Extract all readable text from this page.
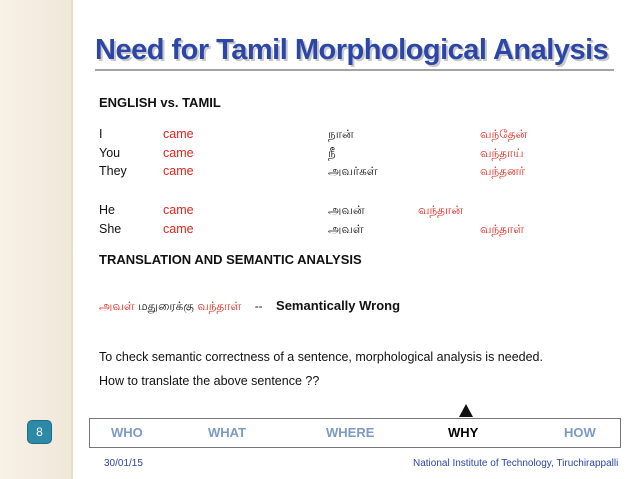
Need for Tamil Morphological Analysis
ENGLISH vs. TAMIL
I	came	நான்	வந்தேன்
You	came	நீ	வந்தாய்
They	came	அவர்கள்	வந்தனர்
He	came	அவன்	வந்தான்
She	came	அவள்	வந்தாள்
TRANSLATION AND SEMANTIC ANALYSIS
அவள் மதுரைக்கு வந்தாள் -- Semantically Wrong
To check semantic correctness of a sentence, morphological analysis is needed.
How to translate the above sentence ??
8	WHO	WHAT	WHERE	WHY	HOW
30/01/15	National Institute of Technology, Tiruchirappalli
